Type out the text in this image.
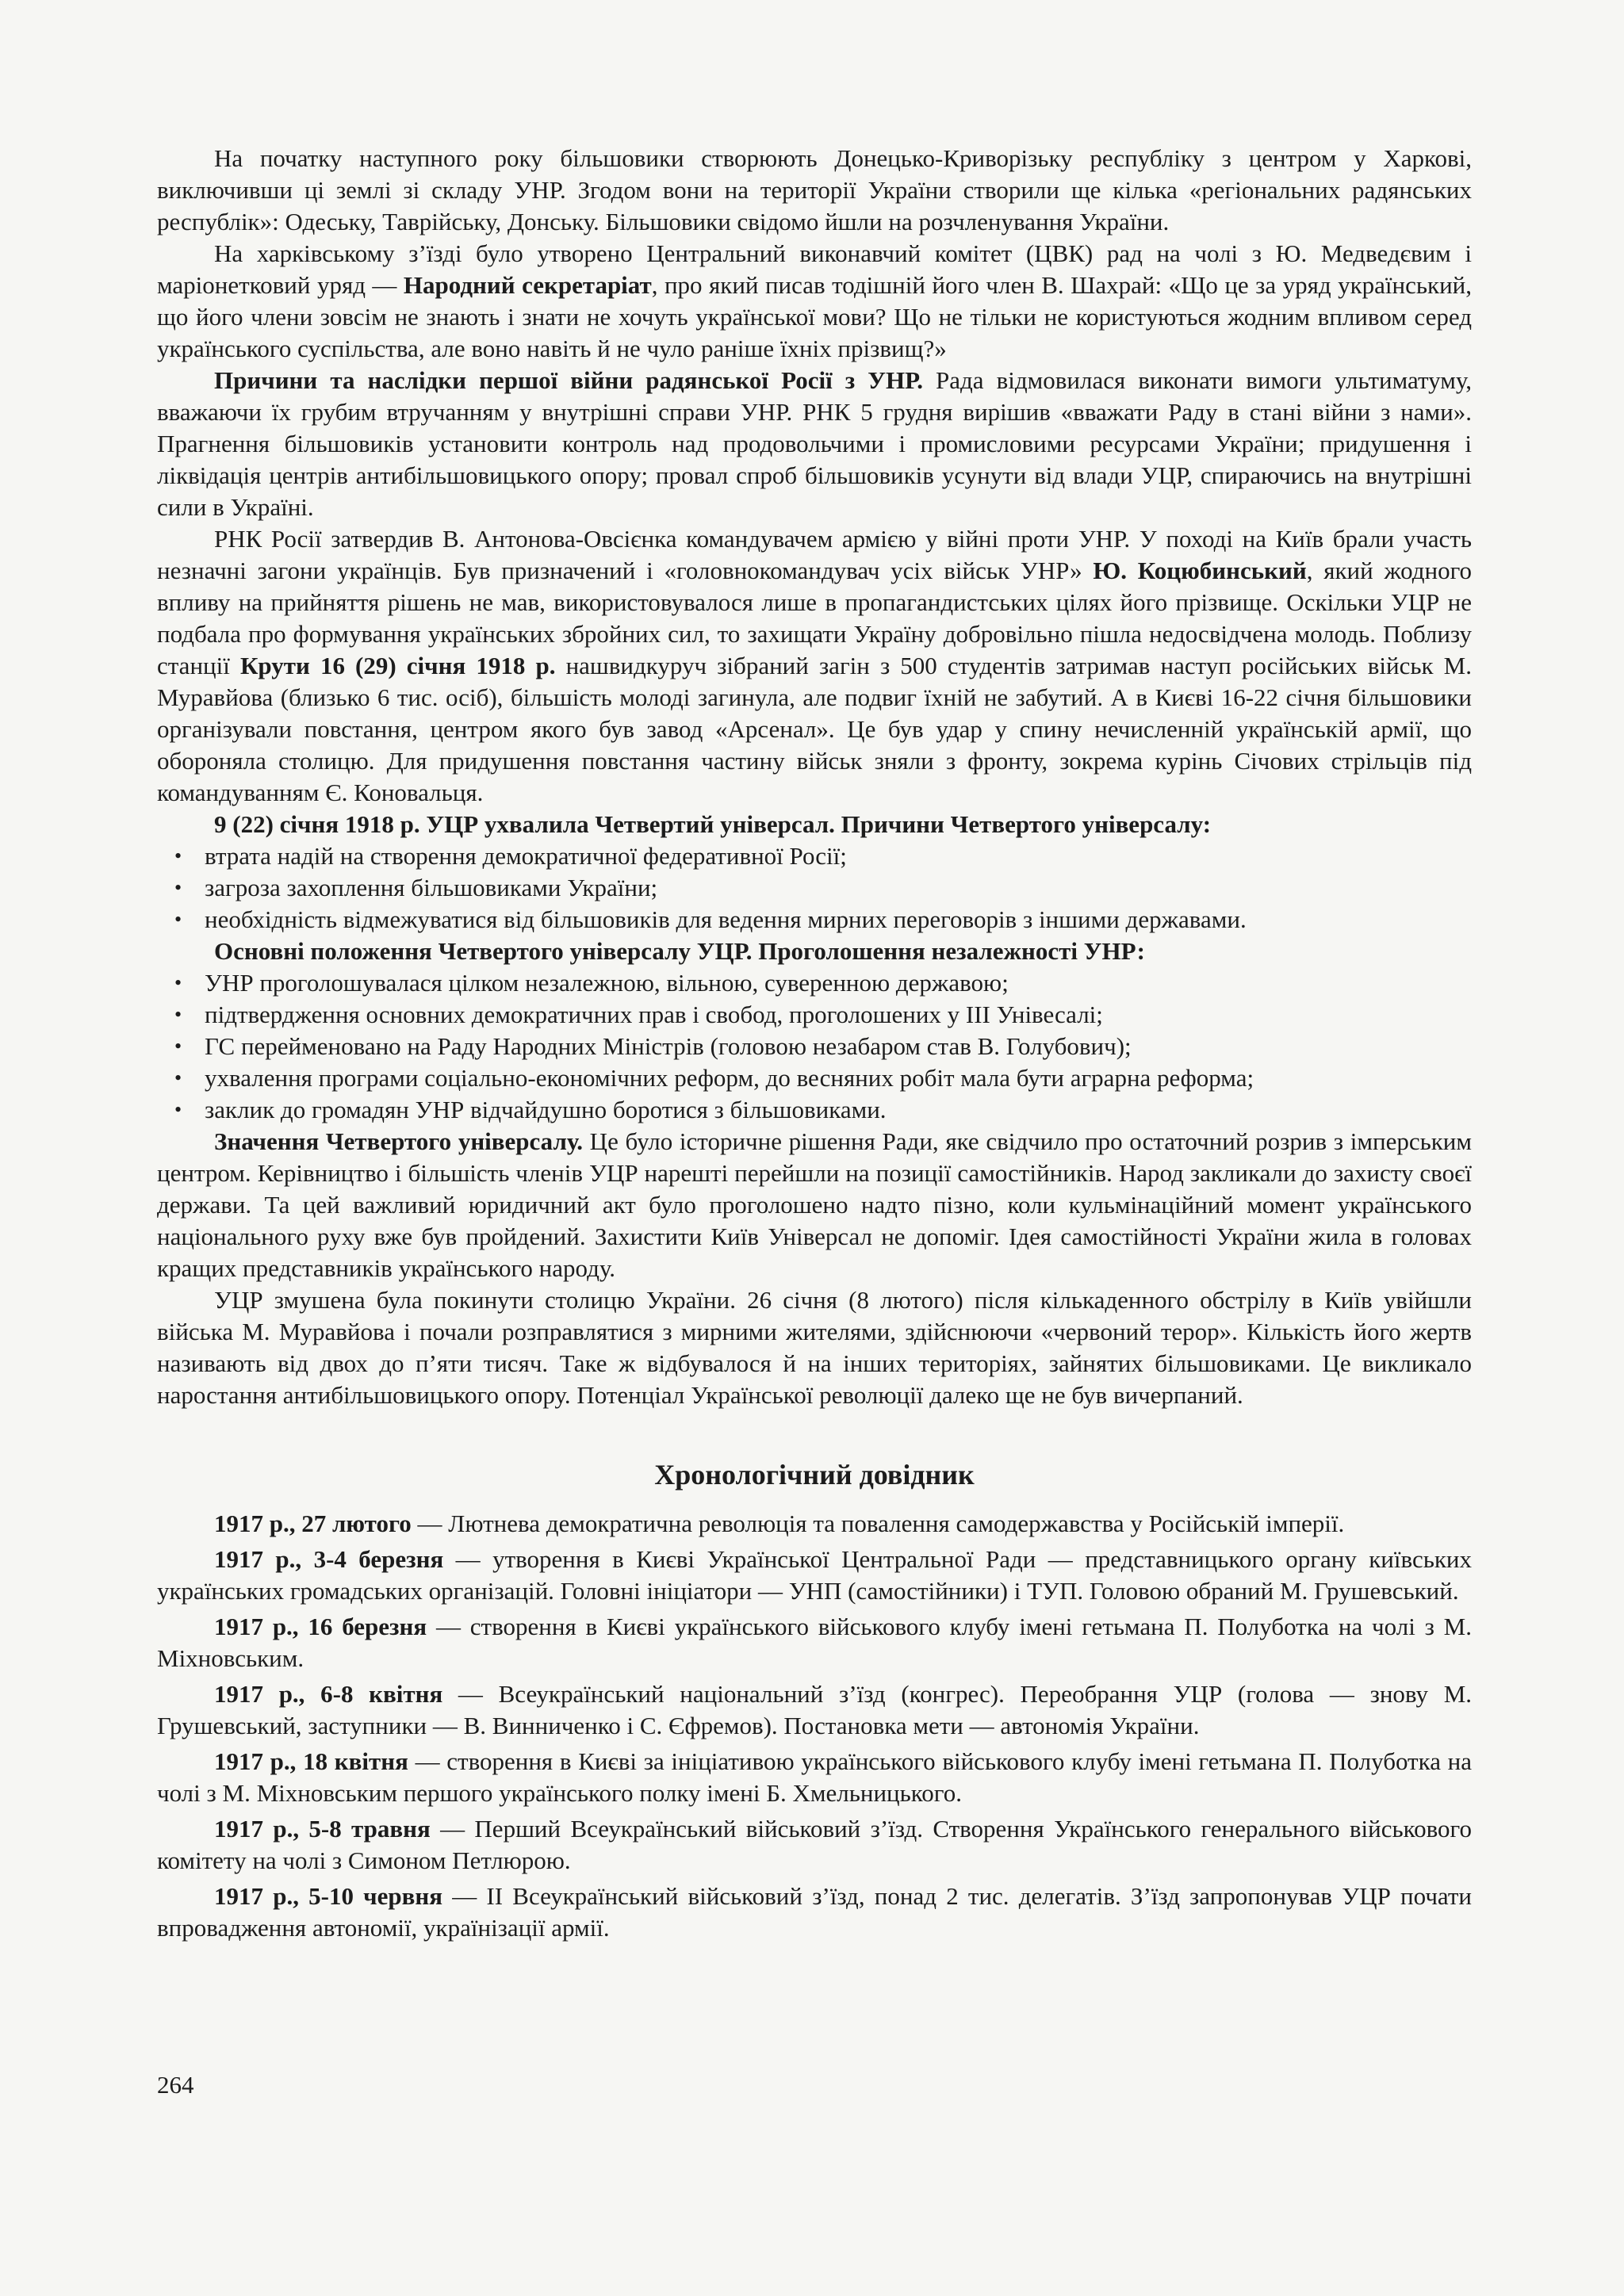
На початку наступного року більшовики створюють Донецько-Криворізьку республіку з центром у Харкові, виключивши ці землі зі складу УНР. Згодом вони на території України створили ще кілька «регіональних радянських республік»: Одеську, Таврійську, Донську. Більшовики свідомо йшли на розчленування України.

На харківському з’їзді було утворено Центральний виконавчий комітет (ЦВК) рад на чолі з Ю. Медведєвим і маріонетковий уряд — Народний секретаріат, про який писав тодішній його член В. Шахрай: «Що це за уряд український, що його члени зовсім не знають і знати не хочуть української мови? Що не тільки не користуються жодним впливом серед українського суспільства, але воно навіть й не чуло раніше їхніх прізвищ?»

Причини та наслідки першої війни радянської Росії з УНР. Рада відмовилася виконати вимоги ультиматуму, вважаючи їх грубим втручанням у внутрішні справи УНР. РНК 5 грудня вирішив «вважати Раду в стані війни з нами». Прагнення більшовиків установити контроль над продовольчими і промисловими ресурсами України; придушення і ліквідація центрів антибільшовицького опору; провал спроб більшовиків усунути від влади УЦР, спираючись на внутрішні сили в Україні.

РНК Росії затвердив В. Антонова-Овсієнка командувачем армією у війні проти УНР. У поході на Київ брали участь незначні загони українців. Був призначений і «головнокомандувач усіх військ УНР» Ю. Коцюбинський, який жодного впливу на прийняття рішень не мав, використовувалося лише в пропагандистських цілях його прізвище. Оскільки УЦР не подбала про формування українських збройних сил, то захищати Україну добровільно пішла недосвідчена молодь. Поблизу станції Крути 16 (29) січня 1918 р. нашвидкуруч зібраний загін з 500 студентів затримав наступ російських військ М. Муравйова (близько 6 тис. осіб), більшість молоді загинула, але подвиг їхній не забутий. А в Києві 16-22 січня більшовики організували повстання, центром якого був завод «Арсенал». Це був удар у спину нечисленній українській армії, що обороняла столицю. Для придушення повстання частину військ зняли з фронту, зокрема курінь Січових стрільців під командуванням Є. Коновальця.

9 (22) січня 1918 р. УЦР ухвалила Четвертий універсал. Причини Четвертого універсалу:

• втрата надій на створення демократичної федеративної Росії;
• загроза захоплення більшовиками України;
• необхідність відмежуватися від більшовиків для ведення мирних переговорів з іншими державами.

Основні положення Четвертого універсалу УЦР. Проголошення незалежності УНР:

• УНР проголошувалася цілком незалежною, вільною, суверенною державою;
• підтвердження основних демократичних прав і свобод, проголошених у III Унівесалі;
• ГС перейменовано на Раду Народних Міністрів (головою незабаром став В. Голубович);
• ухвалення програми соціально-економічних реформ, до весняних робіт мала бути аграрна реформа;
• заклик до громадян УНР відчайдушно боротися з більшовиками.

Значення Четвертого універсалу. Це було історичне рішення Ради, яке свідчило про остаточний розрив з імперським центром. Керівництво і більшість членів УЦР нарешті перейшли на позиції самостійників. Народ закликали до захисту своєї держави. Та цей важливий юридичний акт було проголошено надто пізно, коли кульмінаційний момент українського національного руху вже був пройдений. Захистити Київ Універсал не допоміг. Ідея самостійності України жила в головах кращих представників українського народу.

УЦР змушена була покинути столицю України. 26 січня (8 лютого) після кількаденного обстрілу в Київ увійшли війська М. Муравйова і почали розправлятися з мирними жителями, здійснюючи «червоний терор». Кількість його жертв називають від двох до п’яти тисяч. Таке ж відбувалося й на інших територіях, зайнятих більшовиками. Це викликало наростання антибільшовицького опору. Потенціал Української революції далеко ще не був вичерпаний.

Хронологічний довідник

1917 р., 27 лютого — Лютнева демократична революція та повалення самодержавства у Російській імперії.

1917 р., 3-4 березня — утворення в Києві Української Центральної Ради — представницького органу київських українських громадських організацій. Головні ініціатори — УНП (самостійники) і ТУП. Головою обраний М. Грушевський.

1917 р., 16 березня — створення в Києві українського військового клубу імені гетьмана П. Полуботка на чолі з М. Міхновським.

1917 р., 6-8 квітня — Всеукраїнський національний з’їзд (конгрес). Переобрання УЦР (голова — знову М. Грушевський, заступники — В. Винниченко і С. Єфремов). Постановка мети — автономія України.

1917 р., 18 квітня — створення в Києві за ініціативою українського військового клубу імені гетьмана П. Полуботка на чолі з М. Міхновським першого українського полку імені Б. Хмельницького.

1917 р., 5-8 травня — Перший Всеукраїнський військовий з’їзд. Створення Українського генерального військового комітету на чолі з Симоном Петлюрою.

1917 р., 5-10 червня — II Всеукраїнський військовий з’їзд, понад 2 тис. делегатів. З’їзд запропонував УЦР почати впровадження автономії, українізації армії.

264
